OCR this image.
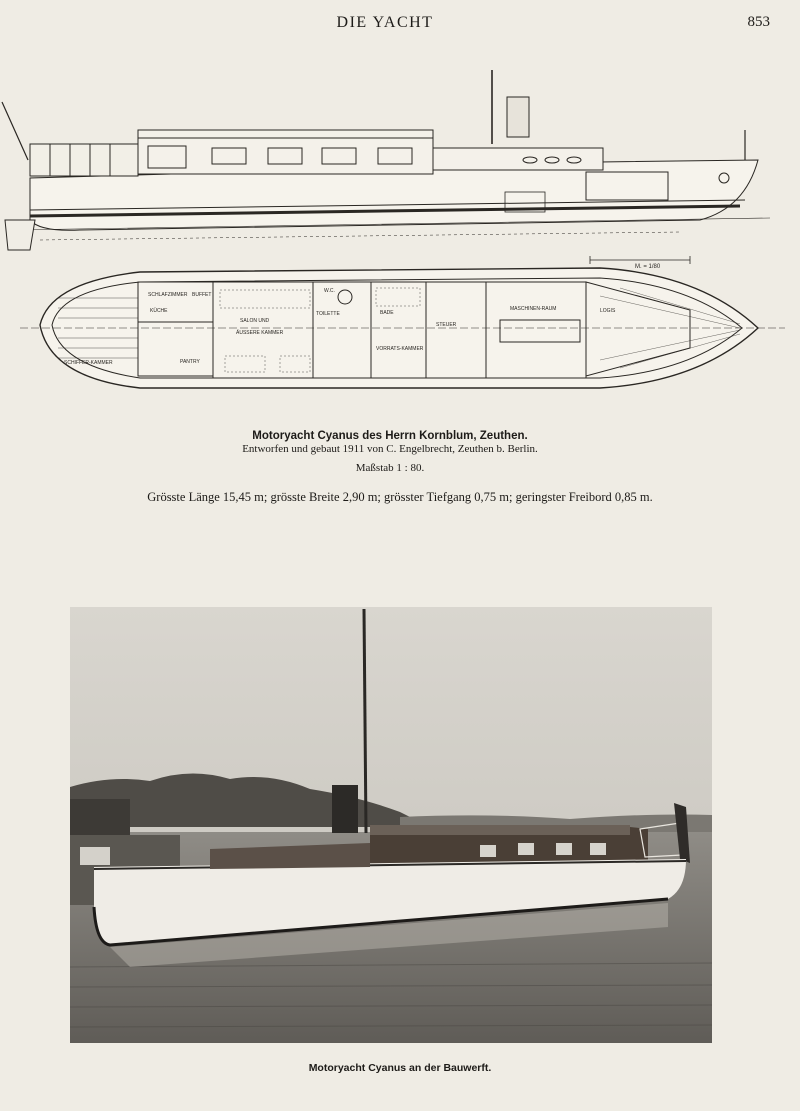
DIE YACHT	853
M. = 1/80
SCHLAFZIMMER
KÜCHE
BUFFET
SALON UND
ÄUSSERE KAMMER
W.C.
TOILETTE	BADE
STEUER
MASCHINEN-RAUM
VORRATS-KAMMER
LOGIS
SCHIFFER-KAMMER	PANTRY
Motoryacht Cyanus des Herrn Kornblum, Zeuthen.
Entworfen und gebaut 1911 von C. Engelbrecht, Zeuthen b. Berlin.
Maßstab 1 : 80.
Grösste Länge 15,45 m; grösste Breite 2,90 m; grösster Tiefgang 0,75 m; geringster Freibord 0,85 m.
Motoryacht Cyanus an der Bauwerft.
